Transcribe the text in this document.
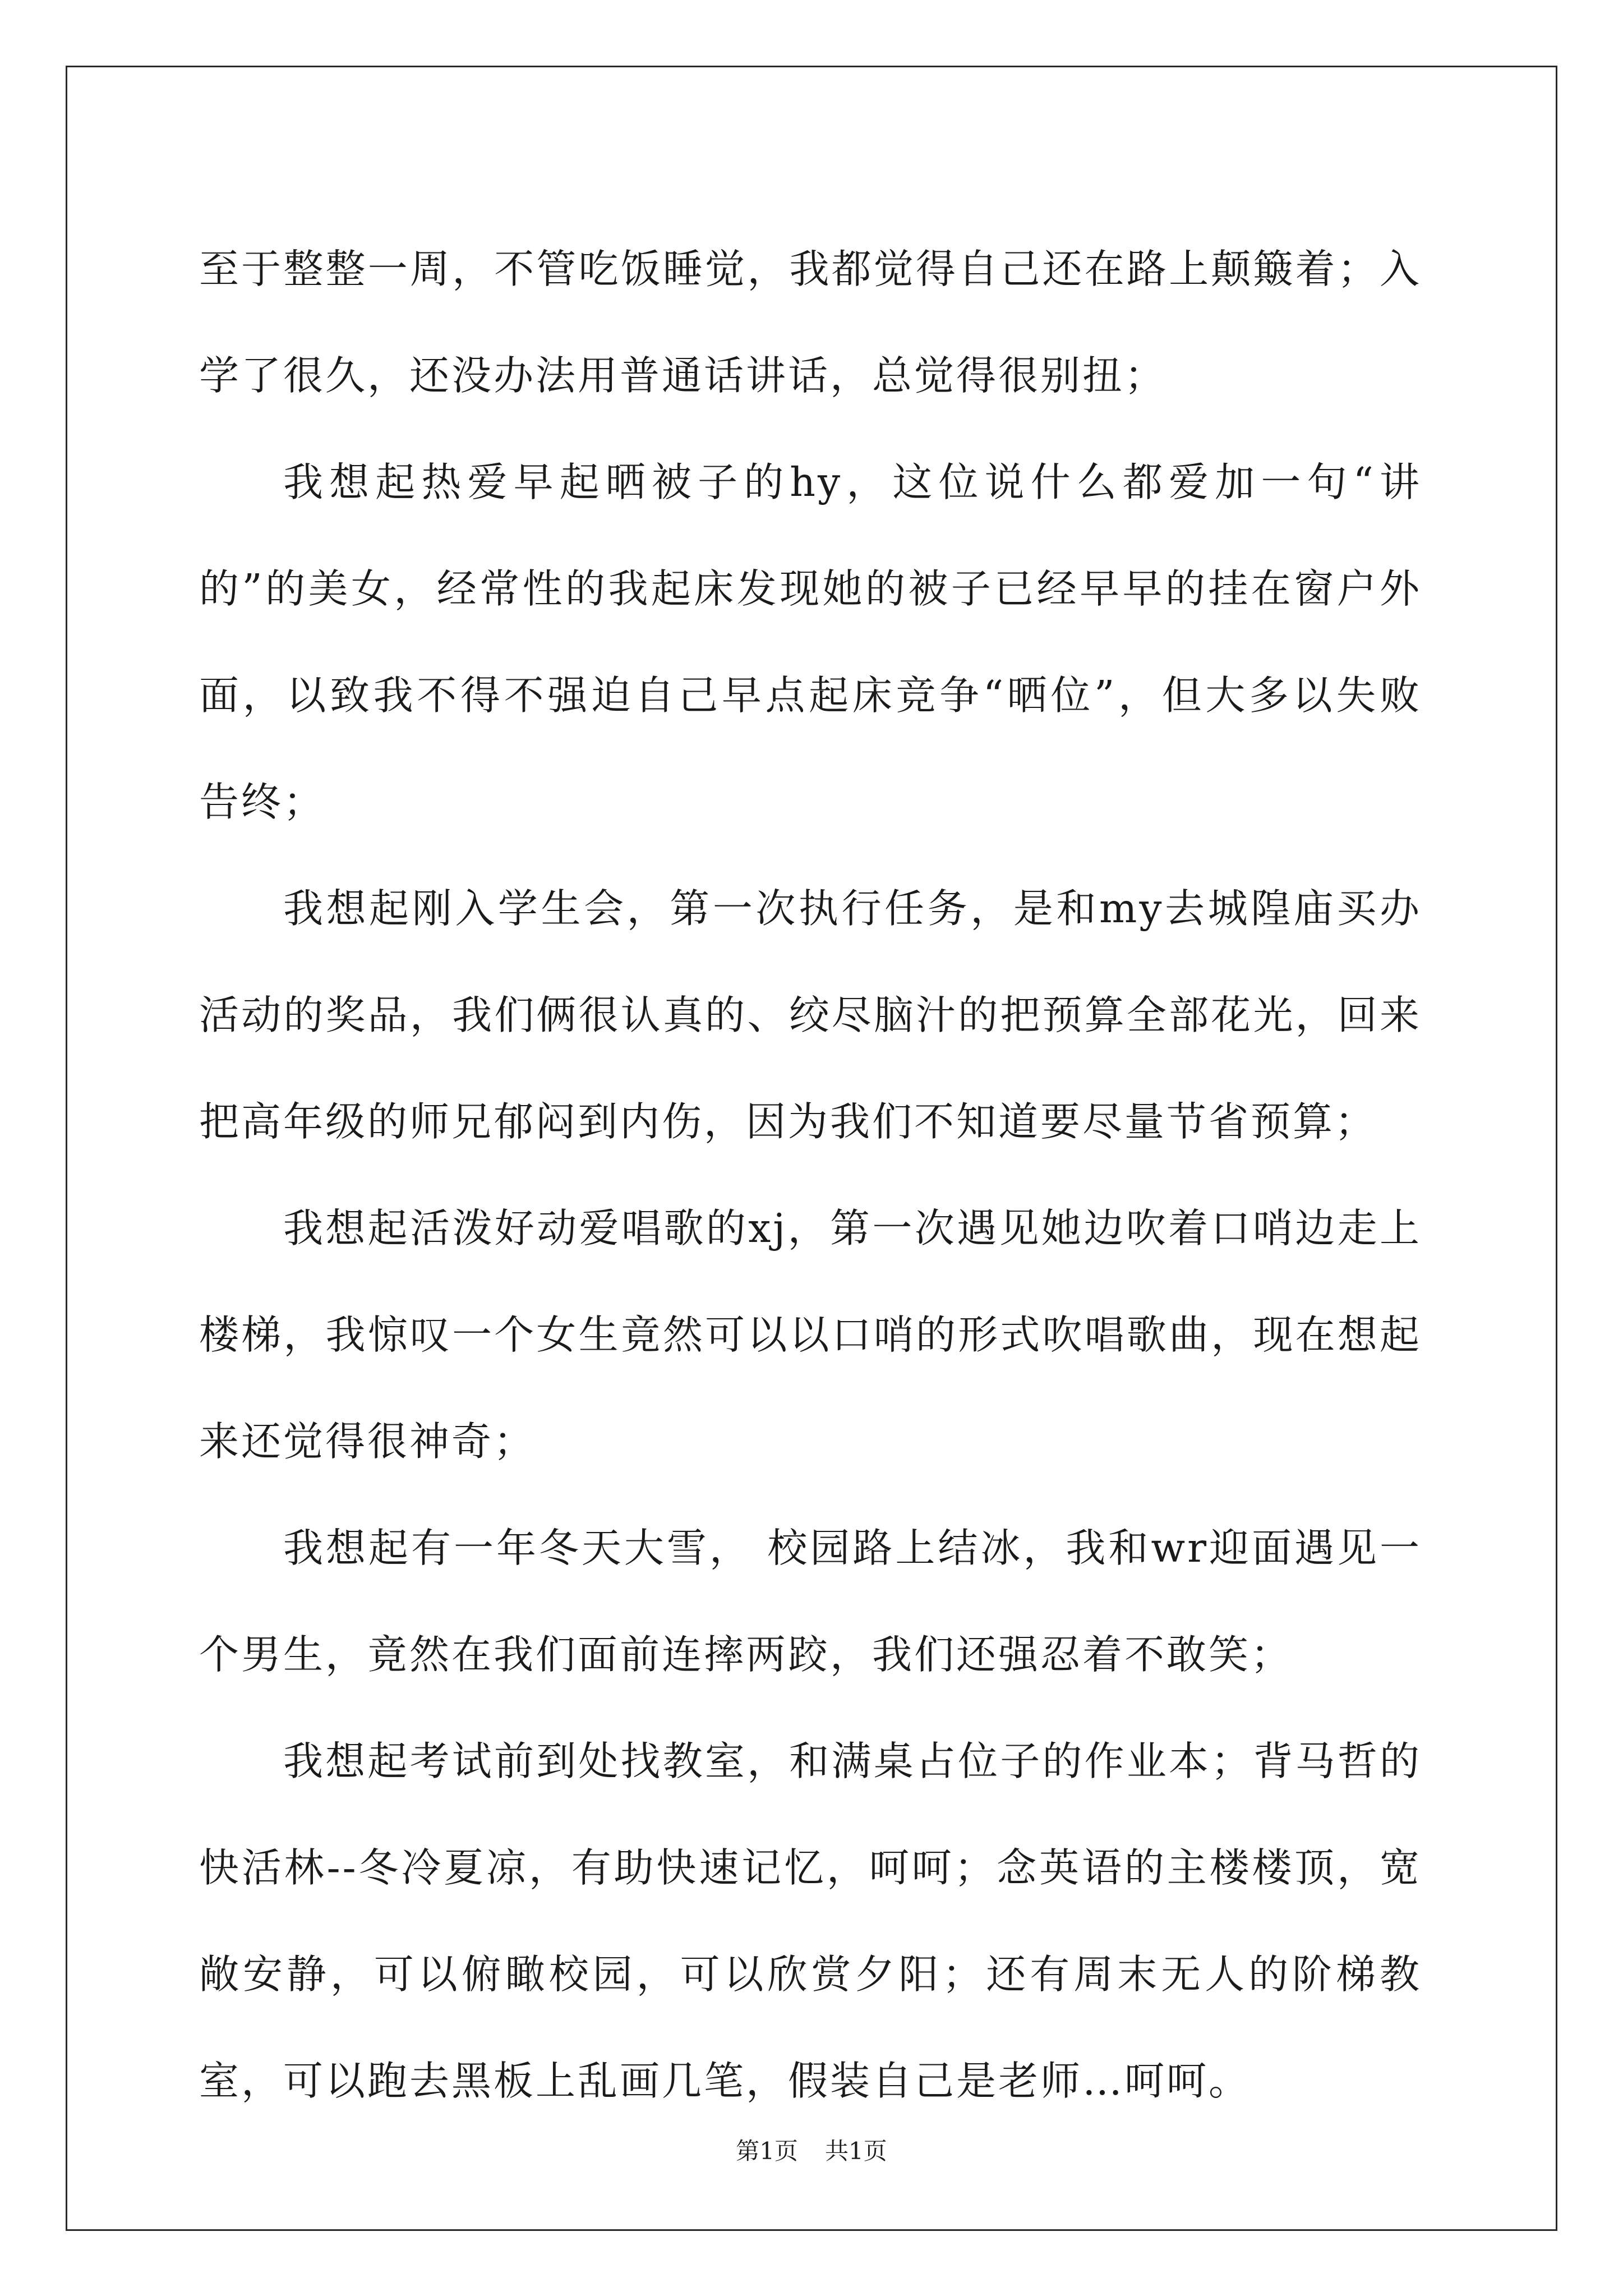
至于整整一周，不管吃饭睡觉，我都觉得自己还在路上颠簸着；入学了很久，还没办法用普通话讲话，总觉得很别扭；

我想起热爱早起晒被子的hy，这位说什么都爱加一句“讲的”的美女，经常性的我起床发现她的被子已经早早的挂在窗户外面，以致我不得不强迫自己早点起床竞争“晒位”，但大多以失败告终；

我想起刚入学生会，第一次执行任务，是和my去城隍庙买办活动的奖品，我们俩很认真的、绞尽脑汁的把预算全部花光，回来把高年级的师兄郁闷到内伤，因为我们不知道要尽量节省预算；

我想起活泼好动爱唱歌的xj，第一次遇见她边吹着口哨边走上楼梯，我惊叹一个女生竟然可以以口哨的形式吹唱歌曲，现在想起来还觉得很神奇；

我想起有一年冬天大雪， 校园路上结冰，我和wr迎面遇见一个男生，竟然在我们面前连摔两跤，我们还强忍着不敢笑；

我想起考试前到处找教室，和满桌占位子的作业本；背马哲的快活林--冬冷夏凉，有助快速记忆，呵呵；念英语的主楼楼顶，宽敞安静，可以俯瞰校园，可以欣赏夕阳；还有周末无人的阶梯教室，可以跑去黑板上乱画几笔，假装自己是老师…呵呵。

第1页 共1页
